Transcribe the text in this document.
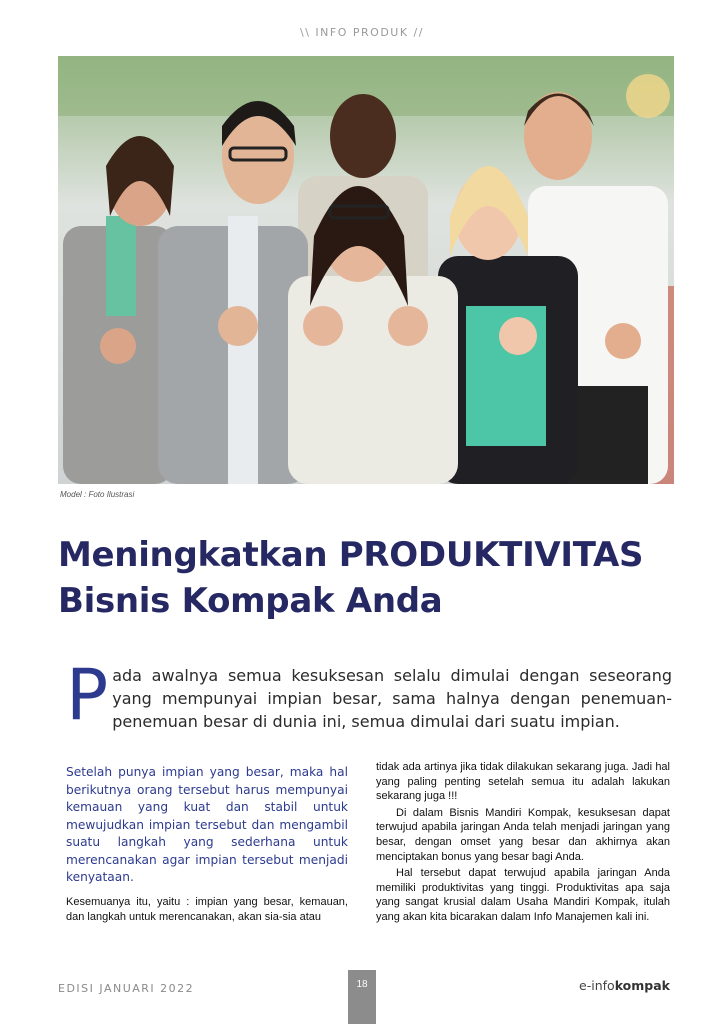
\\ INFO PRODUK //
Model : Foto Ilustrasi
Meningkatkan PRODUKTIVITAS
Bisnis Kompak Anda
P ada awalnya semua kesuksesan selalu dimulai dengan seseorang yang mempunyai impian besar, sama halnya dengan penemuan-penemuan besar di dunia ini, semua dimulai dari suatu impian.

Setelah punya impian yang besar, maka hal berikutnya orang tersebut harus mempunyai kemauan yang kuat dan stabil untuk mewujudkan impian tersebut dan mengambil suatu langkah yang sederhana untuk merencanakan agar impian tersebut menjadi kenyataan.

Kesemuanya itu, yaitu : impian yang besar, kemauan, dan langkah untuk merencanakan, akan sia-sia atau

tidak ada artinya jika tidak dilakukan sekarang juga. Jadi hal yang paling penting setelah semua itu adalah lakukan sekarang juga !!!

Di dalam Bisnis Mandiri Kompak, kesuksesan dapat terwujud apabila jaringan Anda telah menjadi jaringan yang besar, dengan omset yang besar dan akhirnya akan menciptakan bonus yang besar bagi Anda.

Hal tersebut dapat terwujud apabila jaringan Anda memiliki produktivitas yang tinggi. Produktivitas apa saja yang sangat krusial dalam Usaha Mandiri Kompak, itulah yang akan kita bicarakan dalam Info Manajemen kali ini.

EDISI JANUARI 2022	18	e-infokompak
